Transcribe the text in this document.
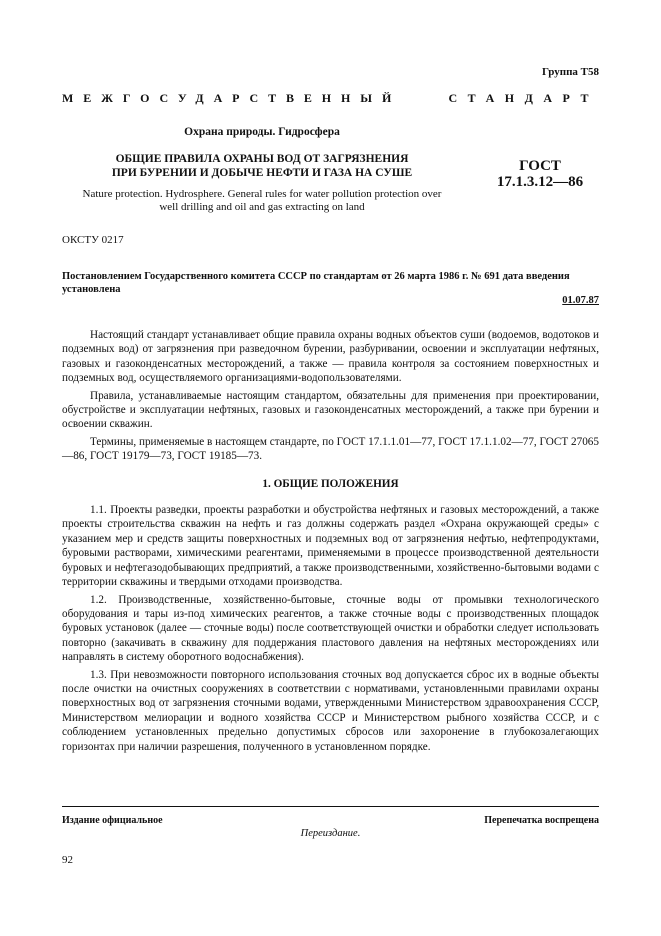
Группа Т58
МЕЖГОСУДАРСТВЕННЫЙ	СТАНДАРТ
Охрана природы. Гидросфера
ОБЩИЕ ПРАВИЛА ОХРАНЫ ВОД ОТ ЗАГРЯЗНЕНИЯ
ПРИ БУРЕНИИ И ДОБЫЧЕ НЕФТИ И ГАЗА НА СУШЕ
Nature protection. Hydrosphere. General rules for water pollution protection over
well drilling and oil and gas extracting on land
ГОСТ
17.1.3.12—86
ОКСТУ 0217
Постановлением Государственного комитета СССР по стандартам от 26 марта 1986 г. № 691 дата введения установлена
01.07.87

Настоящий стандарт устанавливает общие правила охраны водных объектов суши (водоемов, водотоков и подземных вод) от загрязнения при разведочном бурении, разбуривании, освоении и эксплуатации нефтяных, газовых и газоконденсатных месторождений, а также — правила контроля за состоянием поверхностных и подземных вод, осуществляемого организациями-водопользователями.

Правила, устанавливаемые настоящим стандартом, обязательны для применения при проектировании, обустройстве и эксплуатации нефтяных, газовых и газоконденсатных месторождений, а также при бурении и освоении скважин.

Термины, применяемые в настоящем стандарте, по ГОСТ 17.1.1.01—77, ГОСТ 17.1.1.02—77, ГОСТ 27065—86, ГОСТ 19179—73, ГОСТ 19185—73.

1. ОБЩИЕ ПОЛОЖЕНИЯ

1.1. Проекты разведки, проекты разработки и обустройства нефтяных и газовых месторождений, а также проекты строительства скважин на нефть и газ должны содержать раздел «Охрана окружающей среды» с указанием мер и средств защиты поверхностных и подземных вод от загрязнения нефтью, нефтепродуктами, буровыми растворами, химическими реагентами, применяемыми в процессе производственной деятельности буровых и нефтегазодобывающих предприятий, а также производственными, хозяйственно-бытовыми водами с территории скважины и твердыми отходами производства.

1.2. Производственные, хозяйственно-бытовые, сточные воды от промывки технологического оборудования и тары из-под химических реагентов, а также сточные воды с производственных площадок буровых установок (далее — сточные воды) после соответствующей очистки и обработки следует использовать повторно (закачивать в скважину для поддержания пластового давления на нефтяных месторождениях или направлять в систему оборотного водоснабжения).

1.3. При невозможности повторного использования сточных вод допускается сброс их в водные объекты после очистки на очистных сооружениях в соответствии с нормативами, установленными правилами охраны поверхностных вод от загрязнения сточными водами, утвержденными Министерством здравоохранения СССР, Министерством мелиорации и водного хозяйства СССР и Министерством рыбного хозяйства СССР, и с соблюдением установленных предельно допустимых сбросов или захоронение в глубокозалегающих горизонтах при наличии разрешения, полученного в установленном порядке.

Издание официальное	Перепечатка воспрещена
Переиздание.
92
